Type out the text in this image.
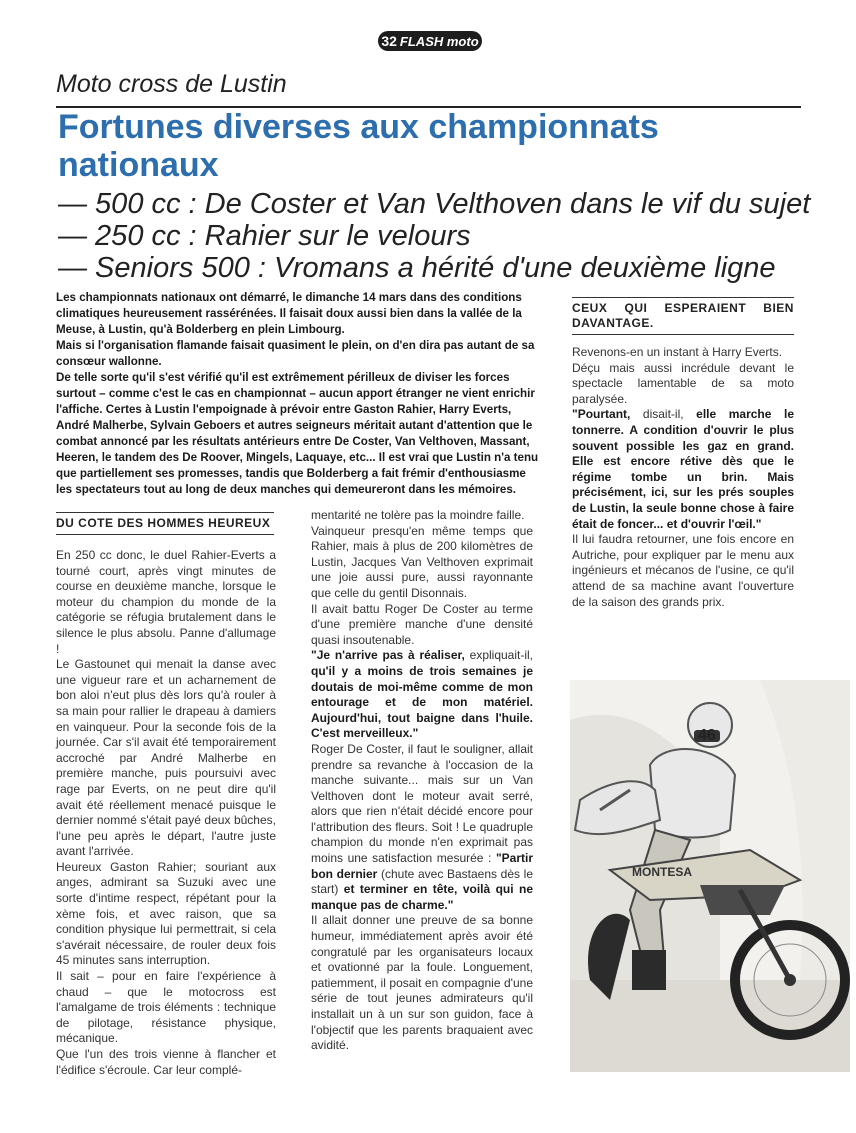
32 FLASH moto
Moto cross de Lustin
Fortunes diverses aux championnats nationaux
— 500 cc : De Coster et Van Velthoven dans le vif du sujet
— 250 cc : Rahier sur le velours
— Seniors 500 : Vromans a hérité d'une deuxième ligne
Les championnats nationaux ont démarré, le dimanche 14 mars dans des conditions climatiques heureusement rassérénées. Il faisait doux aussi bien dans la vallée de la Meuse, à Lustin, qu'à Bolderberg en plein Limbourg.
Mais si l'organisation flamande faisait quasiment le plein, on d'en dira pas autant de sa consœur wallonne.
De telle sorte qu'il s'est vérifié qu'il est extrêmement périlleux de diviser les forces surtout – comme c'est le cas en championnat – aucun apport étranger ne vient enrichir l'affiche. Certes à Lustin l'empoignade à prévoir entre Gaston Rahier, Harry Everts, André Malherbe, Sylvain Geboers et autres seigneurs méritait autant d'attention que le combat annoncé par les résultats antérieurs entre De Coster, Van Velthoven, Massant, Heeren, le tandem des De Roover, Mingels, Laquaye, etc... Il est vrai que Lustin n'a tenu que partiellement ses promesses, tandis que Bolderberg a fait frémir d'enthousiasme les spectateurs tout au long de deux manches qui demeureront dans les mémoires.
DU COTE DES HOMMES HEUREUX

En 250 cc donc, le duel Rahier-Everts a tourné court, après vingt minutes de course en deuxième manche, lorsque le moteur du champion du monde de la catégorie se réfugia brutalement dans le silence le plus absolu. Panne d'allumage !

Le Gastounet qui menait la danse avec une vigueur rare et un acharnement de bon aloi n'eut plus dès lors qu'à rouler à sa main pour rallier le drapeau à damiers en vainqueur. Pour la seconde fois de la journée. Car s'il avait été temporairement accroché par André Malherbe en première manche, puis poursuivi avec rage par Everts, on ne peut dire qu'il avait été réellement menacé puisque le dernier nommé s'était payé deux bûches, l'une peu après le départ, l'autre juste avant l'arrivée.

Heureux Gaston Rahier; souriant aux anges, admirant sa Suzuki avec une sorte d'intime respect, répétant pour la xème fois, et avec raison, que sa condition physique lui permettrait, si cela s'avérait nécessaire, de rouler deux fois 45 minutes sans interruption.

Il sait – pour en faire l'expérience à chaud – que le motocross est l'amalgame de trois éléments : technique de pilotage, résistance physique, mécanique.

Que l'un des trois vienne à flancher et l'édifice s'écroule. Car leur complé-

mentarité ne tolère pas la moindre faille.

Vainqueur presqu'en même temps que Rahier, mais à plus de 200 kilomètres de Lustin, Jacques Van Velthoven exprimait une joie aussi pure, aussi rayonnante que celle du gentil Disonnais.

Il avait battu Roger De Coster au terme d'une première manche d'une densité quasi insoutenable.

"Je n'arrive pas à réaliser, expliquait-il, qu'il y a moins de trois semaines je doutais de moi-même comme de mon entourage et de mon matériel. Aujourd'hui, tout baigne dans l'huile. C'est merveilleux."

Roger De Coster, il faut le souligner, allait prendre sa revanche à l'occasion de la manche suivante... mais sur un Van Velthoven dont le moteur avait serré, alors que rien n'était décidé encore pour l'attribution des fleurs. Soit ! Le quadruple champion du monde n'en exprimait pas moins une satisfaction mesurée : "Partir bon dernier (chute avec Bastaens dès le start) et terminer en tête, voilà qui ne manque pas de charme."

Il allait donner une preuve de sa bonne humeur, immédiatement après avoir été congratulé par les organisateurs locaux et ovationné par la foule. Longuement, patiemment, il posait en compagnie d'une série de tout jeunes admirateurs qu'il installait un à un sur son guidon, face à l'objectif que les parents braquaient avec avidité.

CEUX QUI ESPERAIENT BIEN
DAVANTAGE.

Revenons-en un instant à Harry Everts.

Déçu mais aussi incrédule devant le spectacle lamentable de sa moto paralysée.

"Pourtant, disait-il, elle marche le tonnerre. A condition d'ouvrir le plus souvent possible les gaz en grand. Elle est encore rétive dès que le régime tombe un brin. Mais précisément, ici, sur les prés souples de Lustin, la seule bonne chose à faire était de foncer... et d'ouvrir l'œil."

Il lui faudra retourner, une fois encore en Autriche, pour expliquer par le menu aux ingénieurs et mécanos de l'usine, ce qu'il attend de sa machine avant l'ouverture de la saison des grands prix.

46
MONTESA
